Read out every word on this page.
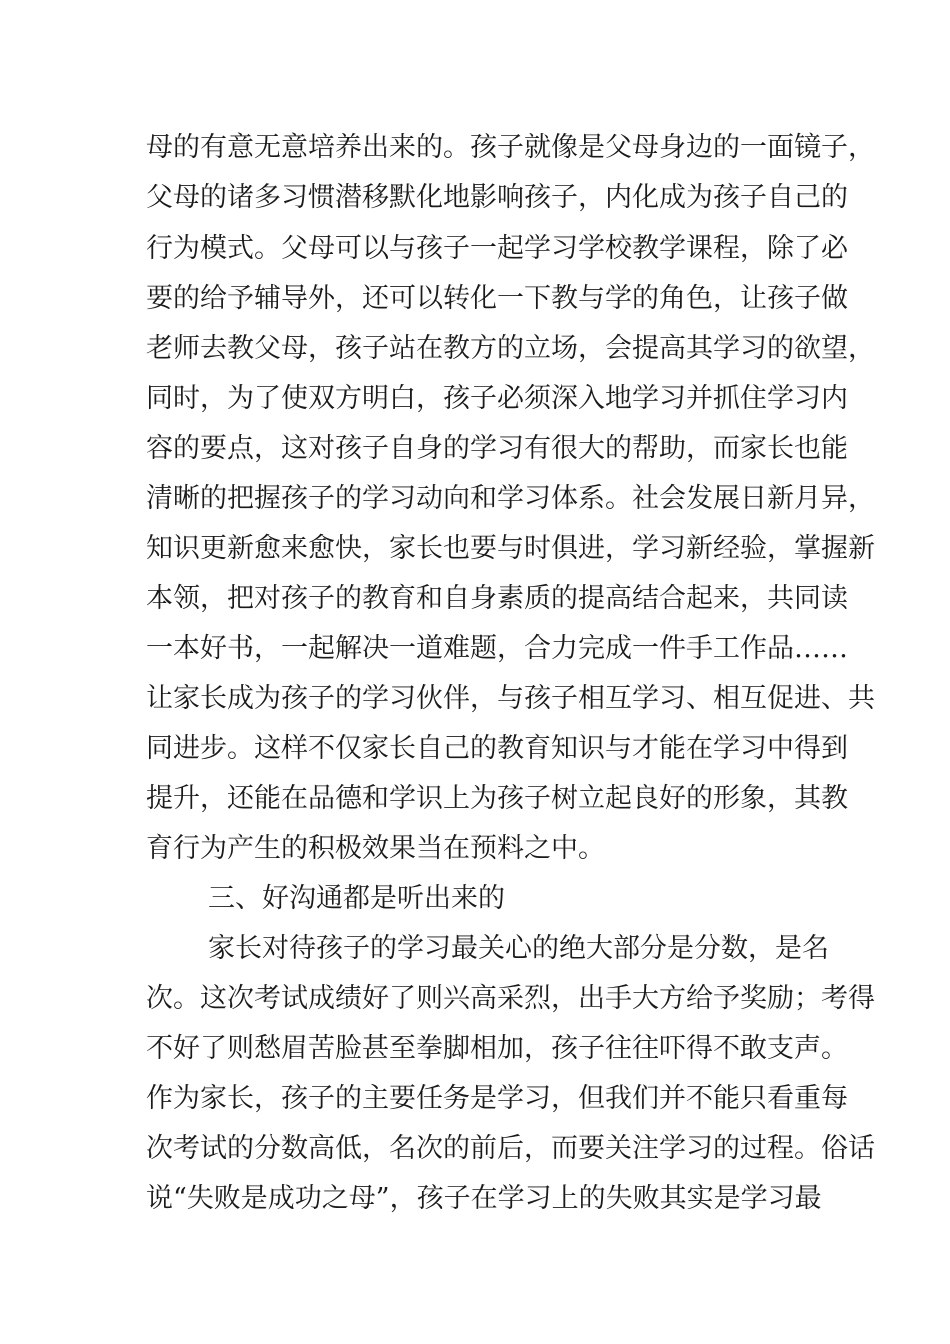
母的有意无意培养出来的。孩子就像是父母身边的一面镜子，
父母的诸多习惯潜移默化地影响孩子，内化成为孩子自己的
行为模式。父母可以与孩子一起学习学校教学课程，除了必
要的给予辅导外，还可以转化一下教与学的角色，让孩子做
老师去教父母，孩子站在教方的立场，会提高其学习的欲望，
同时，为了使双方明白，孩子必须深入地学习并抓住学习内
容的要点，这对孩子自身的学习有很大的帮助，而家长也能
清晰的把握孩子的学习动向和学习体系。社会发展日新月异，
知识更新愈来愈快，家长也要与时俱进，学习新经验，掌握新
本领，把对孩子的教育和自身素质的提高结合起来，共同读
一本好书，一起解决一道难题，合力完成一件手工作品……
让家长成为孩子的学习伙伴，与孩子相互学习、相互促进、共
同进步。这样不仅家长自己的教育知识与才能在学习中得到
提升，还能在品德和学识上为孩子树立起良好的形象，其教
育行为产生的积极效果当在预料之中。
三、好沟通都是听出来的
家长对待孩子的学习最关心的绝大部分是分数，是名
次。这次考试成绩好了则兴高采烈，出手大方给予奖励；考得
不好了则愁眉苦脸甚至拳脚相加，孩子往往吓得不敢支声。
作为家长，孩子的主要任务是学习，但我们并不能只看重每
次考试的分数高低，名次的前后，而要关注学习的过程。俗话
说“失败是成功之母”，孩子在学习上的失败其实是学习最
